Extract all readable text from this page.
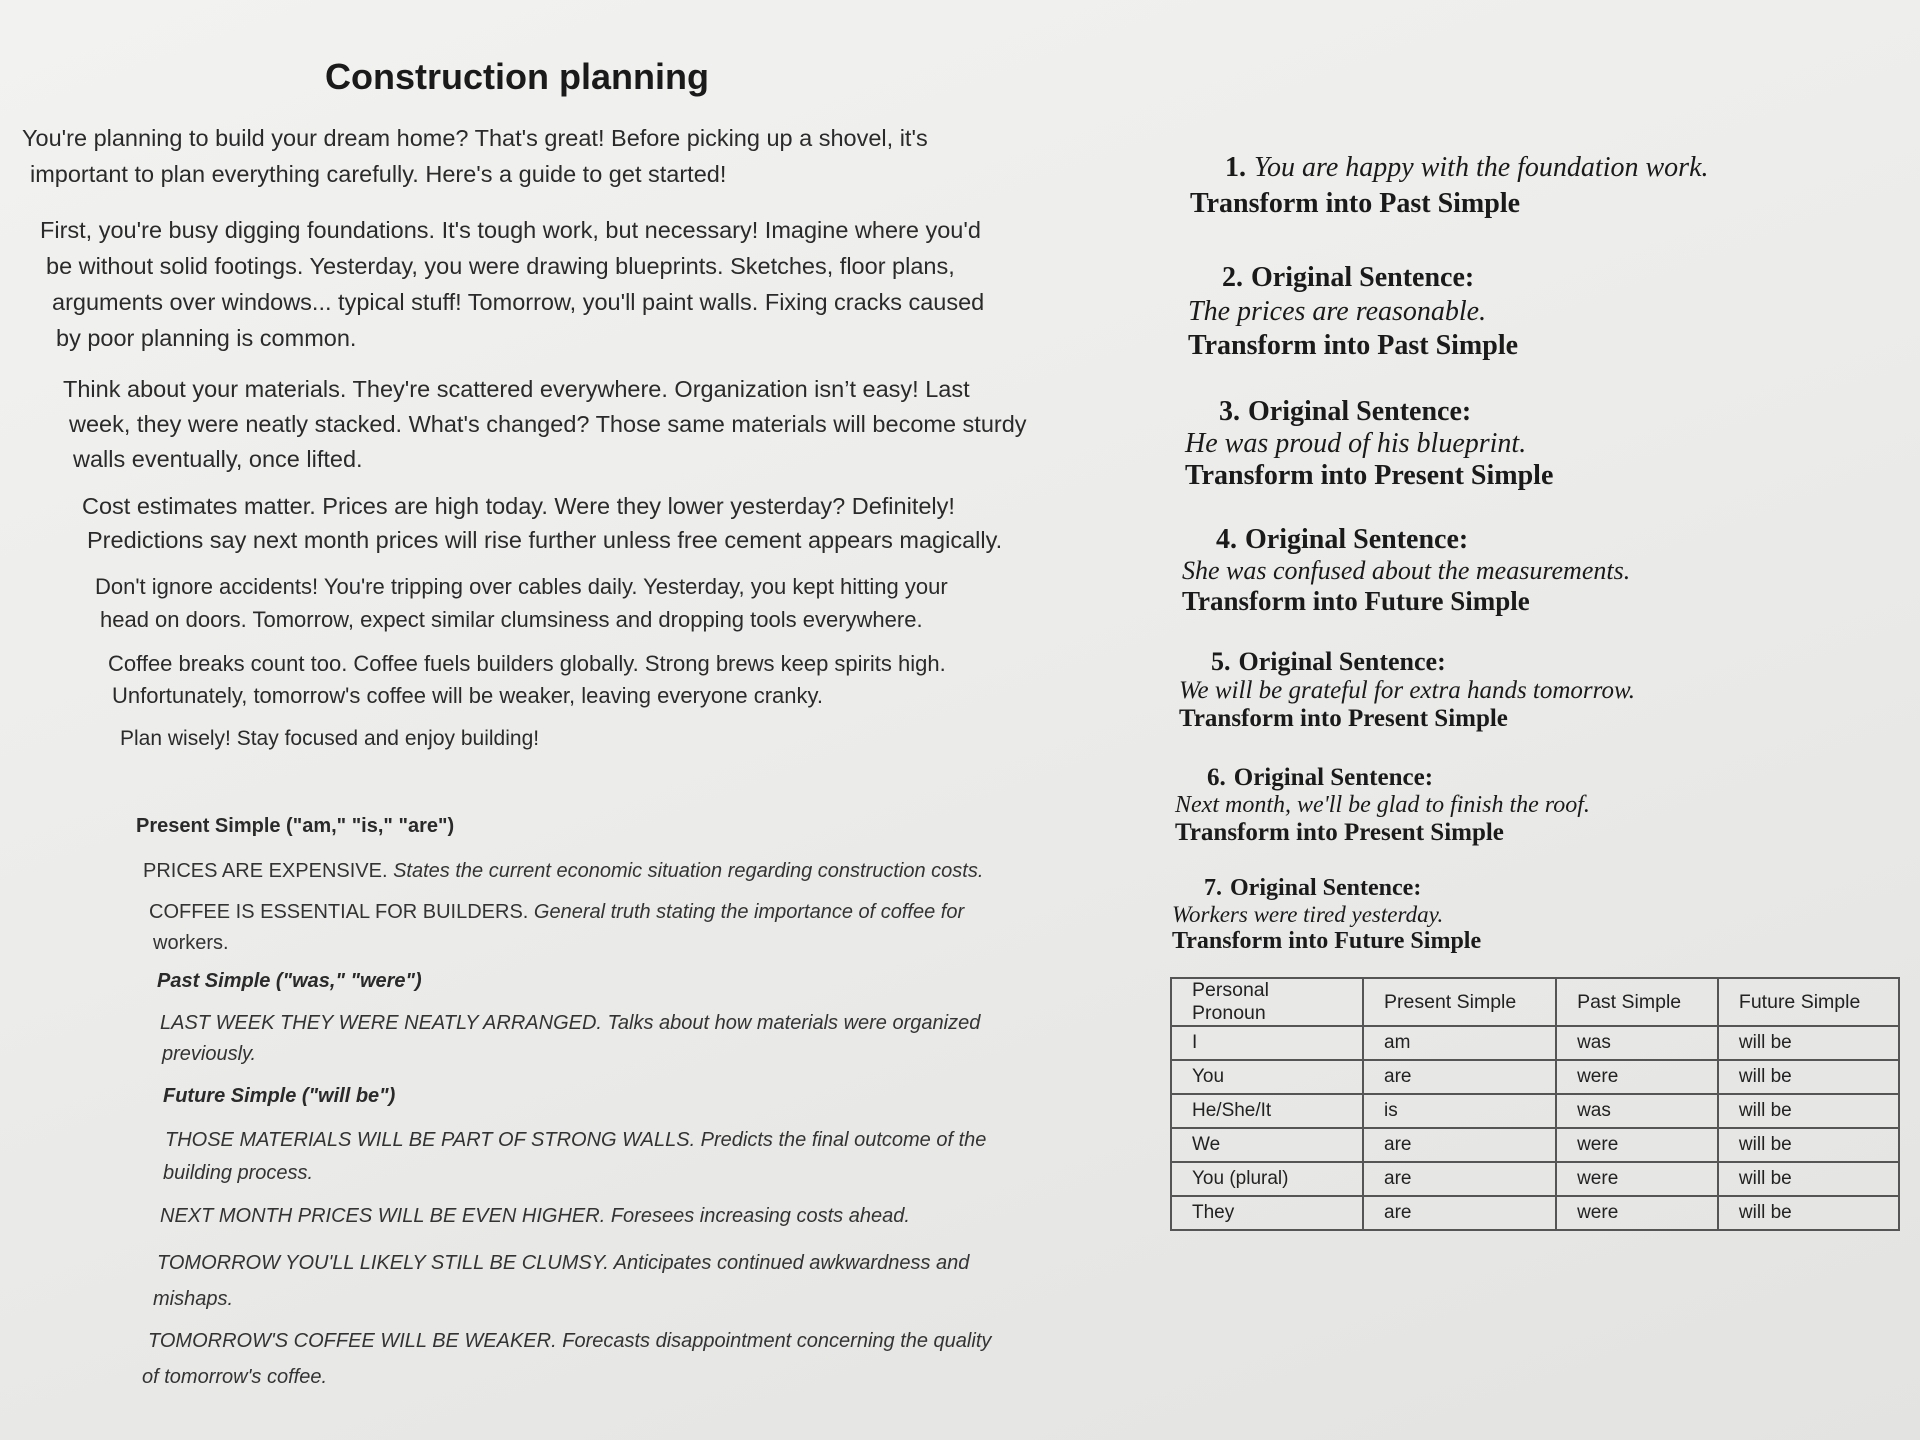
Construction planning
You're planning to build your dream home? That's great! Before picking up a shovel, it's
important to plan everything carefully. Here's a guide to get started!
First, you're busy digging foundations. It's tough work, but necessary! Imagine where you'd
be without solid footings. Yesterday, you were drawing blueprints. Sketches, floor plans,
arguments over windows... typical stuff! Tomorrow, you'll paint walls. Fixing cracks caused
by poor planning is common.
Think about your materials. They're scattered everywhere. Organization isn’t easy! Last
week, they were neatly stacked. What's changed? Those same materials will become sturdy
walls eventually, once lifted.
Cost estimates matter. Prices are high today. Were they lower yesterday? Definitely!
Predictions say next month prices will rise further unless free cement appears magically.
Don't ignore accidents! You're tripping over cables daily. Yesterday, you kept hitting your
head on doors. Tomorrow, expect similar clumsiness and dropping tools everywhere.
Coffee breaks count too. Coffee fuels builders globally. Strong brews keep spirits high.
Unfortunately, tomorrow's coffee will be weaker, leaving everyone cranky.
Plan wisely! Stay focused and enjoy building!
Present Simple ("am," "is," "are")
PRICES ARE EXPENSIVE. States the current economic situation regarding construction costs.
COFFEE IS ESSENTIAL FOR BUILDERS. General truth stating the importance of coffee for
workers.
Past Simple ("was," "were")
LAST WEEK THEY WERE NEATLY ARRANGED. Talks about how materials were organized
previously.
Future Simple ("will be")
THOSE MATERIALS WILL BE PART OF STRONG WALLS. Predicts the final outcome of the
building process.
NEXT MONTH PRICES WILL BE EVEN HIGHER. Foresees increasing costs ahead.
TOMORROW YOU'LL LIKELY STILL BE CLUMSY. Anticipates continued awkwardness and
mishaps.
TOMORROW'S COFFEE WILL BE WEAKER. Forecasts disappointment concerning the quality
of tomorrow's coffee.
1. You are happy with the foundation work.
Transform into Past Simple
2. Original Sentence:
The prices are reasonable.
Transform into Past Simple
3. Original Sentence:
He was proud of his blueprint.
Transform into Present Simple
4. Original Sentence:
She was confused about the measurements.
Transform into Future Simple
5. Original Sentence:
We will be grateful for extra hands tomorrow.
Transform into Present Simple
6. Original Sentence:
Next month, we'll be glad to finish the roof.
Transform into Present Simple
7. Original Sentence:
Workers were tired yesterday.
Transform into Future Simple
Personal Pronoun	Present Simple	Past Simple	Future Simple
I	am	was	will be
You	are	were	will be
He/She/It	is	was	will be
We	are	were	will be
You (plural)	are	were	will be
They	are	were	will be
